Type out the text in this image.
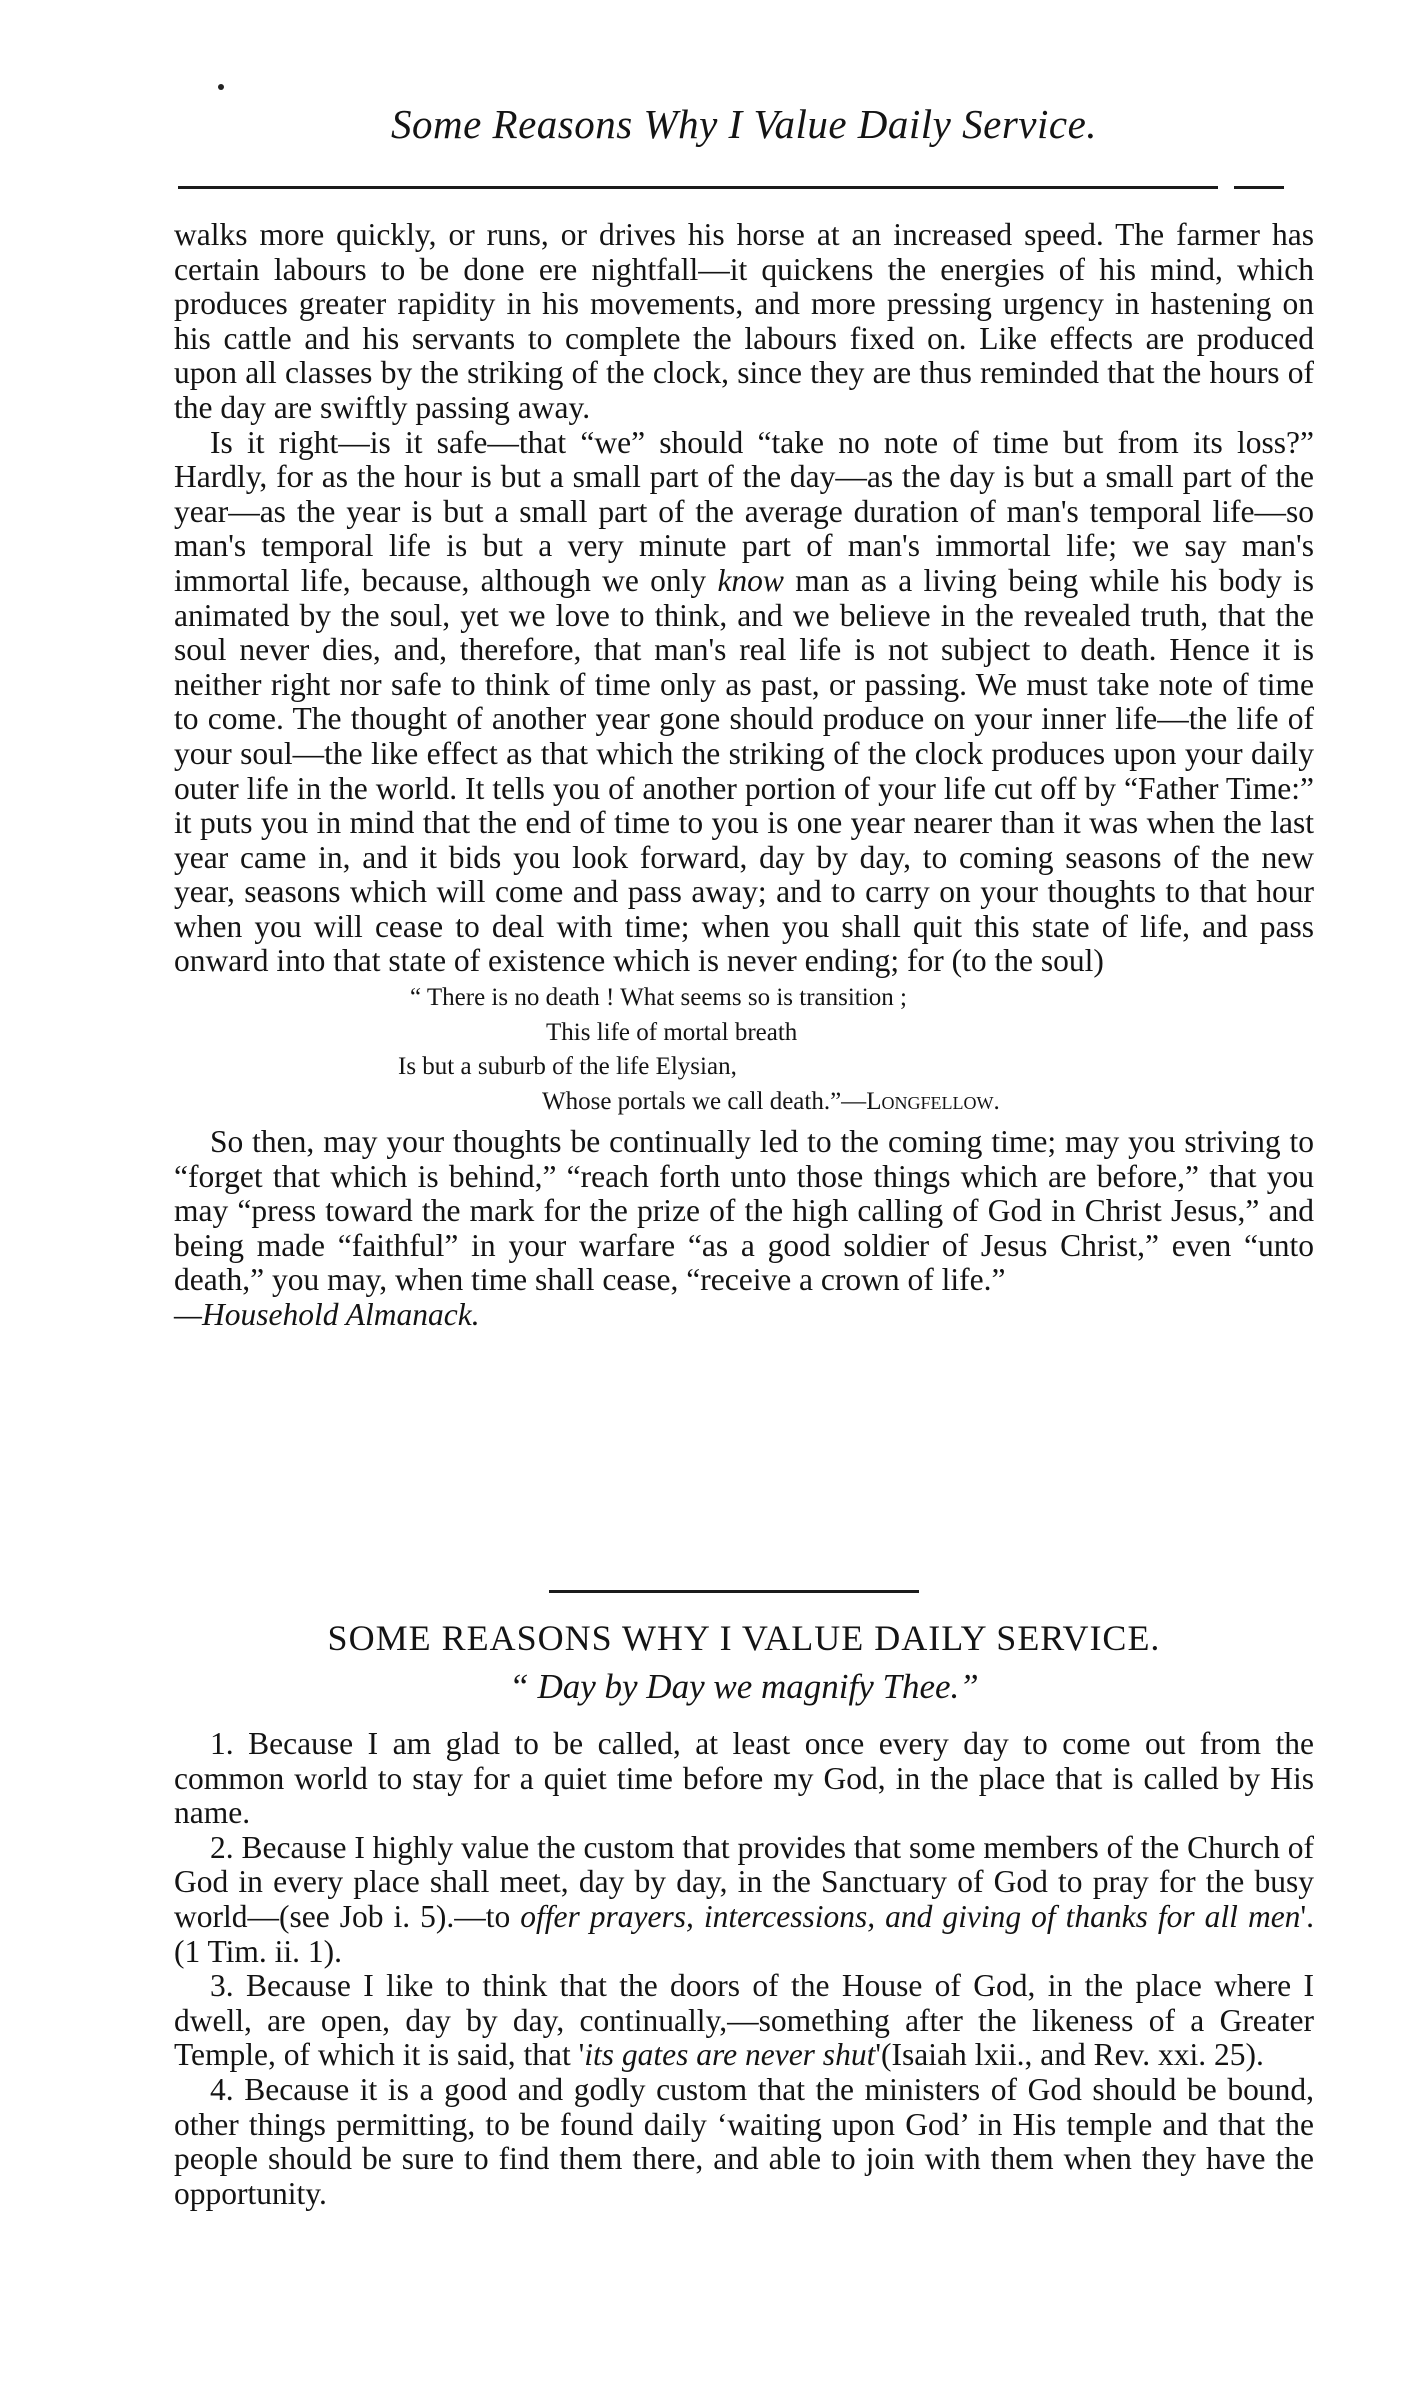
Some Reasons Why I Value Daily Service.

walks more quickly, or runs, or drives his horse at an increased speed. The farmer has certain labours to be done ere nightfall—it quickens the energies of his mind, which produces greater rapidity in his movements, and more pressing urgency in hastening on his cattle and his servants to complete the labours fixed on. Like effects are produced upon all classes by the striking of the clock, since they are thus reminded that the hours of the day are swiftly passing away.

Is it right—is it safe—that “we” should “take no note of time but from its loss?” Hardly, for as the hour is but a small part of the day—as the day is but a small part of the year—as the year is but a small part of the average duration of man's temporal life—so man's temporal life is but a very minute part of man's immortal life; we say man's immortal life, because, although we only know man as a living being while his body is animated by the soul, yet we love to think, and we believe in the revealed truth, that the soul never dies, and, therefore, that man's real life is not subject to death. Hence it is neither right nor safe to think of time only as past, or passing. We must take note of time to come. The thought of another year gone should produce on your inner life—the life of your soul—the like effect as that which the striking of the clock produces upon your daily outer life in the world. It tells you of another portion of your life cut off by “Father Time:” it puts you in mind that the end of time to you is one year nearer than it was when the last year came in, and it bids you look forward, day by day, to coming seasons of the new year, seasons which will come and pass away; and to carry on your thoughts to that hour when you will cease to deal with time; when you shall quit this state of life, and pass onward into that state of existence which is never ending; for (to the soul)

“ There is no death ! What seems so is transition ;
This life of mortal breath
Is but a suburb of the life Elysian,
Whose portals we call death.”—Longfellow.

So then, may your thoughts be continually led to the coming time; may you striving to “forget that which is behind,” “reach forth unto those things which are before,” that you may “press toward the mark for the prize of the high calling of God in Christ Jesus,” and being made “faithful” in your warfare “as a good soldier of Jesus Christ,” even “unto death,” you may, when time shall cease, “receive a crown of life.”

—Household Almanack.

SOME REASONS WHY I VALUE DAILY SERVICE.
“ Day by Day we magnify Thee.”

1. Because I am glad to be called, at least once every day to come out from the common world to stay for a quiet time before my God, in the place that is called by His name.

2. Because I highly value the custom that provides that some members of the Church of God in every place shall meet, day by day, in the Sanctuary of God to pray for the busy world—(see Job i. 5).—to offer prayers, intercessions, and giving of thanks for all men'. (1 Tim. ii. 1).

3. Because I like to think that the doors of the House of God, in the place where I dwell, are open, day by day, continually,—something after the likeness of a Greater Temple, of which it is said, that 'its gates are never shut'(Isaiah lxii., and Rev. xxi. 25).

4. Because it is a good and godly custom that the ministers of God should be bound, other things permitting, to be found daily ‘waiting upon God’ in His temple and that the people should be sure to find them there, and able to join with them when they have the opportunity.
